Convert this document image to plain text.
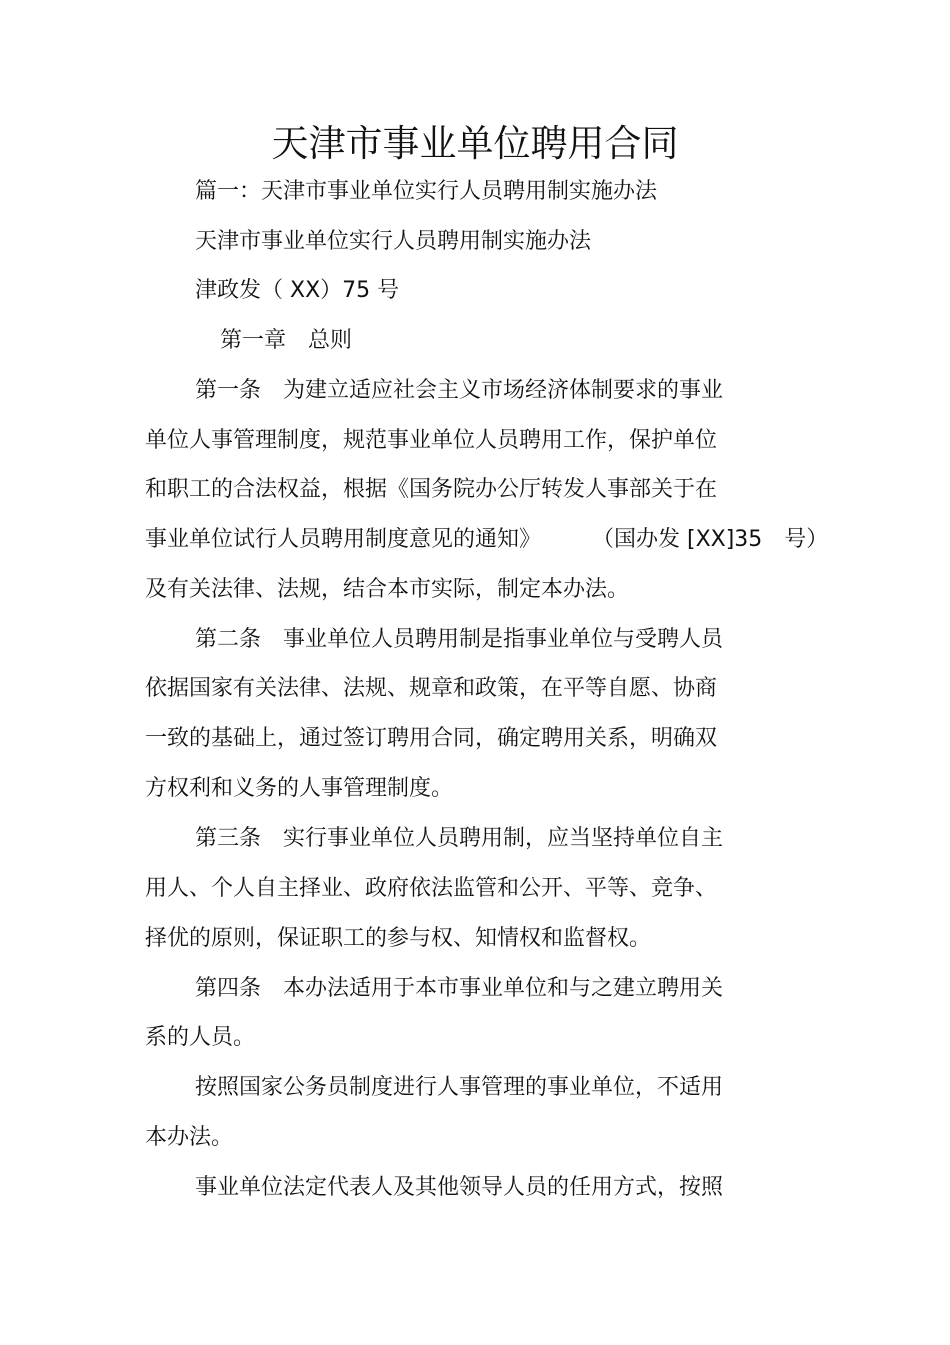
天津市事业单位聘用合同
篇一：天津市事业单位实行人员聘用制实施办法
天津市事业单位实行人员聘用制实施办法
津政发（ XX）75 号
第一章　总则
第一条　为建立适应社会主义市场经济体制要求的事业
单位人事管理制度，规范事业单位人员聘用工作，保护单位
和职工的合法权益，根据《国务院办公厅转发人事部关于在
事业单位试行人员聘用制度意见的通知》 （国办发 [XX]35　号）
及有关法律、法规，结合本市实际，制定本办法。
第二条　事业单位人员聘用制是指事业单位与受聘人员
依据国家有关法律、法规、规章和政策，在平等自愿、协商
一致的基础上，通过签订聘用合同，确定聘用关系，明确双
方权利和义务的人事管理制度。
第三条　实行事业单位人员聘用制，应当坚持单位自主
用人、个人自主择业、政府依法监管和公开、平等、竞争、
择优的原则，保证职工的参与权、知情权和监督权。
第四条　本办法适用于本市事业单位和与之建立聘用关
系的人员。
按照国家公务员制度进行人事管理的事业单位，不适用
本办法。
事业单位法定代表人及其他领导人员的任用方式，按照
